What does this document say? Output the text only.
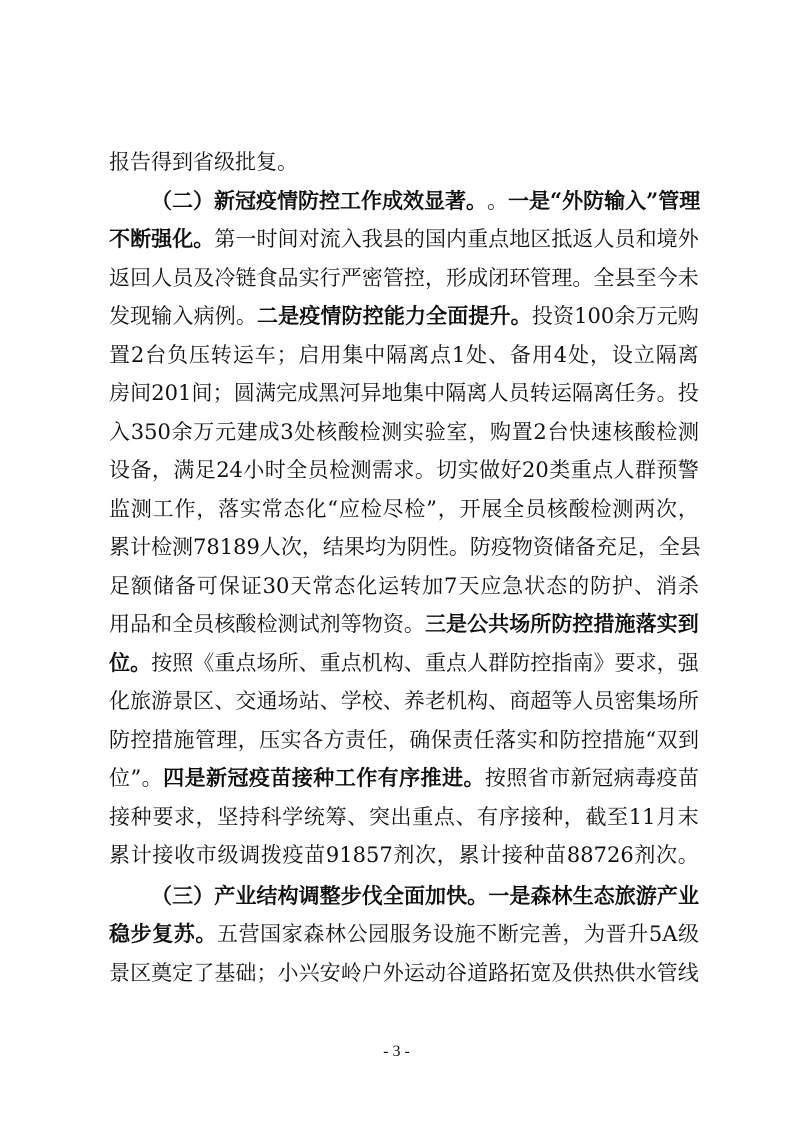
报 告 得 到 省 级 批 复 。
（ 二 ） 新 冠 疫 情 防 控 工 作 成 效 显 著 。 。 一 是 “ 外 防 输 入 ” 管 理
不 断 强 化 。 第 一 时 间 对 流 入 我 县 的 国 内 重 点 地 区 抵 返 人 员 和 境 外
返 回 人 员 及 冷 链 食 品 实 行 严 密 管 控 ， 形 成 闭 环 管 理 。 全 县 至 今 未
发 现 输 入 病 例 。 二 是 疫 情 防 控 能 力 全 面 提 升 。 投 资 100 余 万 元 购
置 2 台 负 压 转 运 车 ； 启 用 集 中 隔 离 点 1 处 、 备 用 4 处 ， 设 立 隔 离
房 间 201 间 ； 圆 满 完 成 黑 河 异 地 集 中 隔 离 人 员 转 运 隔 离 任 务 。 投
入 350 余 万 元 建 成 3 处 核 酸 检 测 实 验 室 ， 购 置 2 台 快 速 核 酸 检 测
设 备 ， 满 足 24 小 时 全 员 检 测 需 求 。 切 实 做 好 20 类 重 点 人 群 预 警
监 测 工 作 ， 落 实 常 态 化 “ 应 检 尽 检 ” ， 开 展 全 员 核 酸 检 测 两 次 ，
累 计 检 测 78189 人 次 ， 结 果 均 为 阴 性 。 防 疫 物 资 储 备 充 足 ， 全 县
足 额 储 备 可 保 证 30 天 常 态 化 运 转 加 7 天 应 急 状 态 的 防 护 、 消 杀
用 品 和 全 员 核 酸 检 测 试 剂 等 物 资 。 三 是 公 共 场 所 防 控 措 施 落 实 到
位 。 按 照 《 重 点 场 所 、 重 点 机 构 、 重 点 人 群 防 控 指 南 》 要 求 ， 强
化 旅 游 景 区 、 交 通 场 站 、 学 校 、 养 老 机 构 、 商 超 等 人 员 密 集 场 所
防 控 措 施 管 理 ， 压 实 各 方 责 任 ， 确 保 责 任 落 实 和 防 控 措 施 “ 双 到
位 ” 。 四 是 新 冠 疫 苗 接 种 工 作 有 序 推 进 。 按 照 省 市 新 冠 病 毒 疫 苗
接 种 要 求 ， 坚 持 科 学 统 筹 、 突 出 重 点 、 有 序 接 种 ， 截 至 11 月 末
累 计 接 收 市 级 调 拨 疫 苗 91857 剂 次 ， 累 计 接 种 苗 88726 剂 次 。
（ 三 ） 产 业 结 构 调 整 步 伐 全 面 加 快 。 一 是 森 林 生 态 旅 游 产 业
稳 步 复 苏 。 五 营 国 家 森 林 公 园 服 务 设 施 不 断 完 善 ， 为 晋 升 5A 级
景 区 奠 定 了 基 础 ； 小 兴 安 岭 户 外 运 动 谷 道 路 拓 宽 及 供 热 供 水 管 线
- 3 -
